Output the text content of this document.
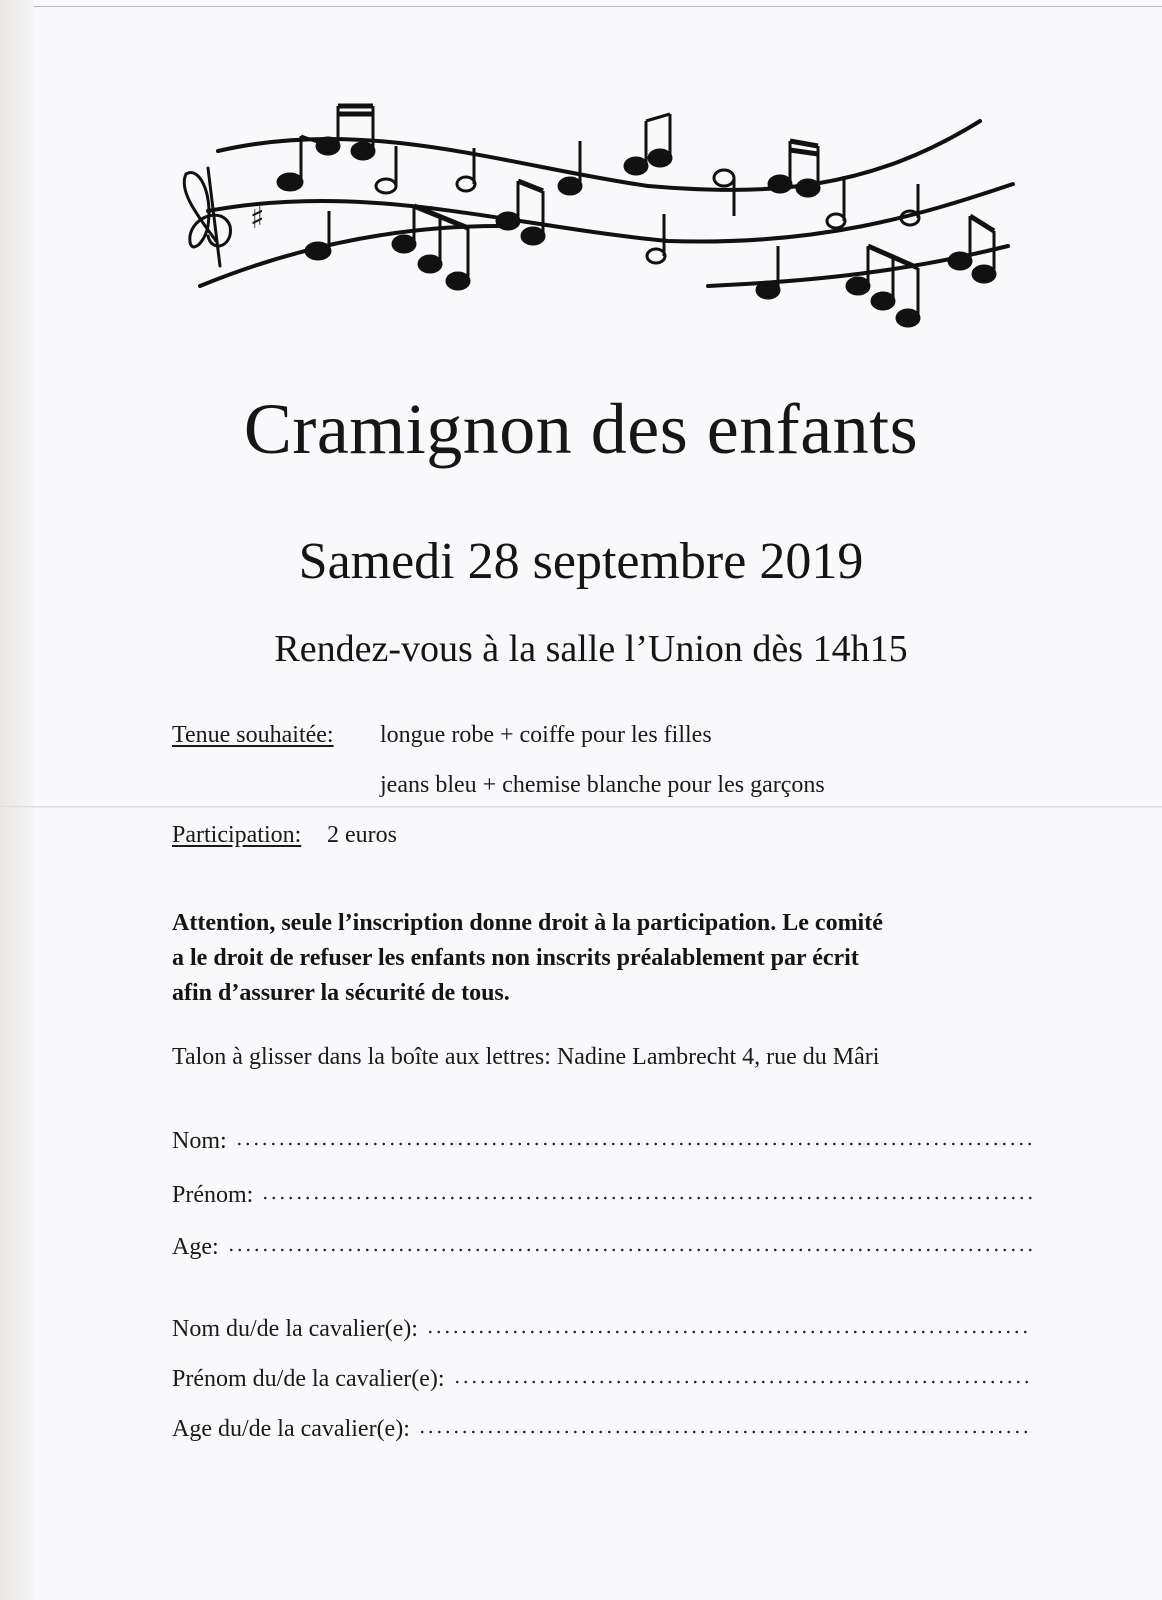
♯
Cramignon des enfants
Samedi 28 septembre 2019
Rendez-vous à la salle l’Union dès 14h15
Tenue souhaitée: longue robe + coiffe pour les filles
jeans bleu + chemise blanche pour les garçons
Participation: 2 euros
Attention, seule l’inscription donne droit à la participation. Le comité
a le droit de refuser les enfants non inscrits préalablement par écrit
afin d’assurer la sécurité de tous.
Talon à glisser dans la boîte aux lettres: Nadine Lambrecht 4, rue du Mâri
Nom:
Prénom:
Age:
Nom du/de la cavalier(e):
Prénom du/de la cavalier(e):
Age du/de la cavalier(e):
